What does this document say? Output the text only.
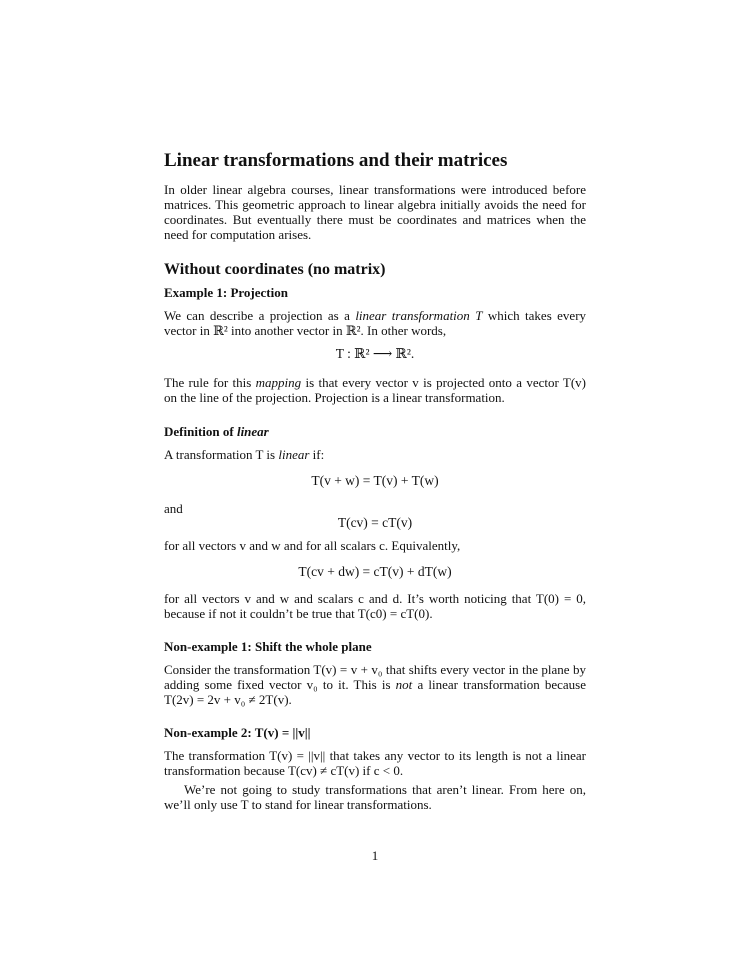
Linear transformations and their matrices
In older linear algebra courses, linear transformations were introduced before matrices. This geometric approach to linear algebra initially avoids the need for coordinates. But eventually there must be coordinates and matrices when the need for computation arises.
Without coordinates (no matrix)
Example 1: Projection
We can describe a projection as a linear transformation T which takes every vector in ℝ² into another vector in ℝ². In other words,
T : ℝ² ⟶ ℝ².
The rule for this mapping is that every vector v is projected onto a vector T(v) on the line of the projection. Projection is a linear transformation.
Definition of linear
A transformation T is linear if:
T(v + w) = T(v) + T(w)
and
T(cv) = cT(v)
for all vectors v and w and for all scalars c. Equivalently,
T(cv + dw) = cT(v) + dT(w)
for all vectors v and w and scalars c and d. It’s worth noticing that T(0) = 0, because if not it couldn’t be true that T(c0) = cT(0).
Non-example 1: Shift the whole plane
Consider the transformation T(v) = v + v₀ that shifts every vector in the plane by adding some fixed vector v₀ to it. This is not a linear transformation because T(2v) = 2v + v₀ ≠ 2T(v).
Non-example 2: T(v) = ||v||
The transformation T(v) = ||v|| that takes any vector to its length is not a linear transformation because T(cv) ≠ cT(v) if c < 0.
We’re not going to study transformations that aren’t linear. From here on, we’ll only use T to stand for linear transformations.
1
